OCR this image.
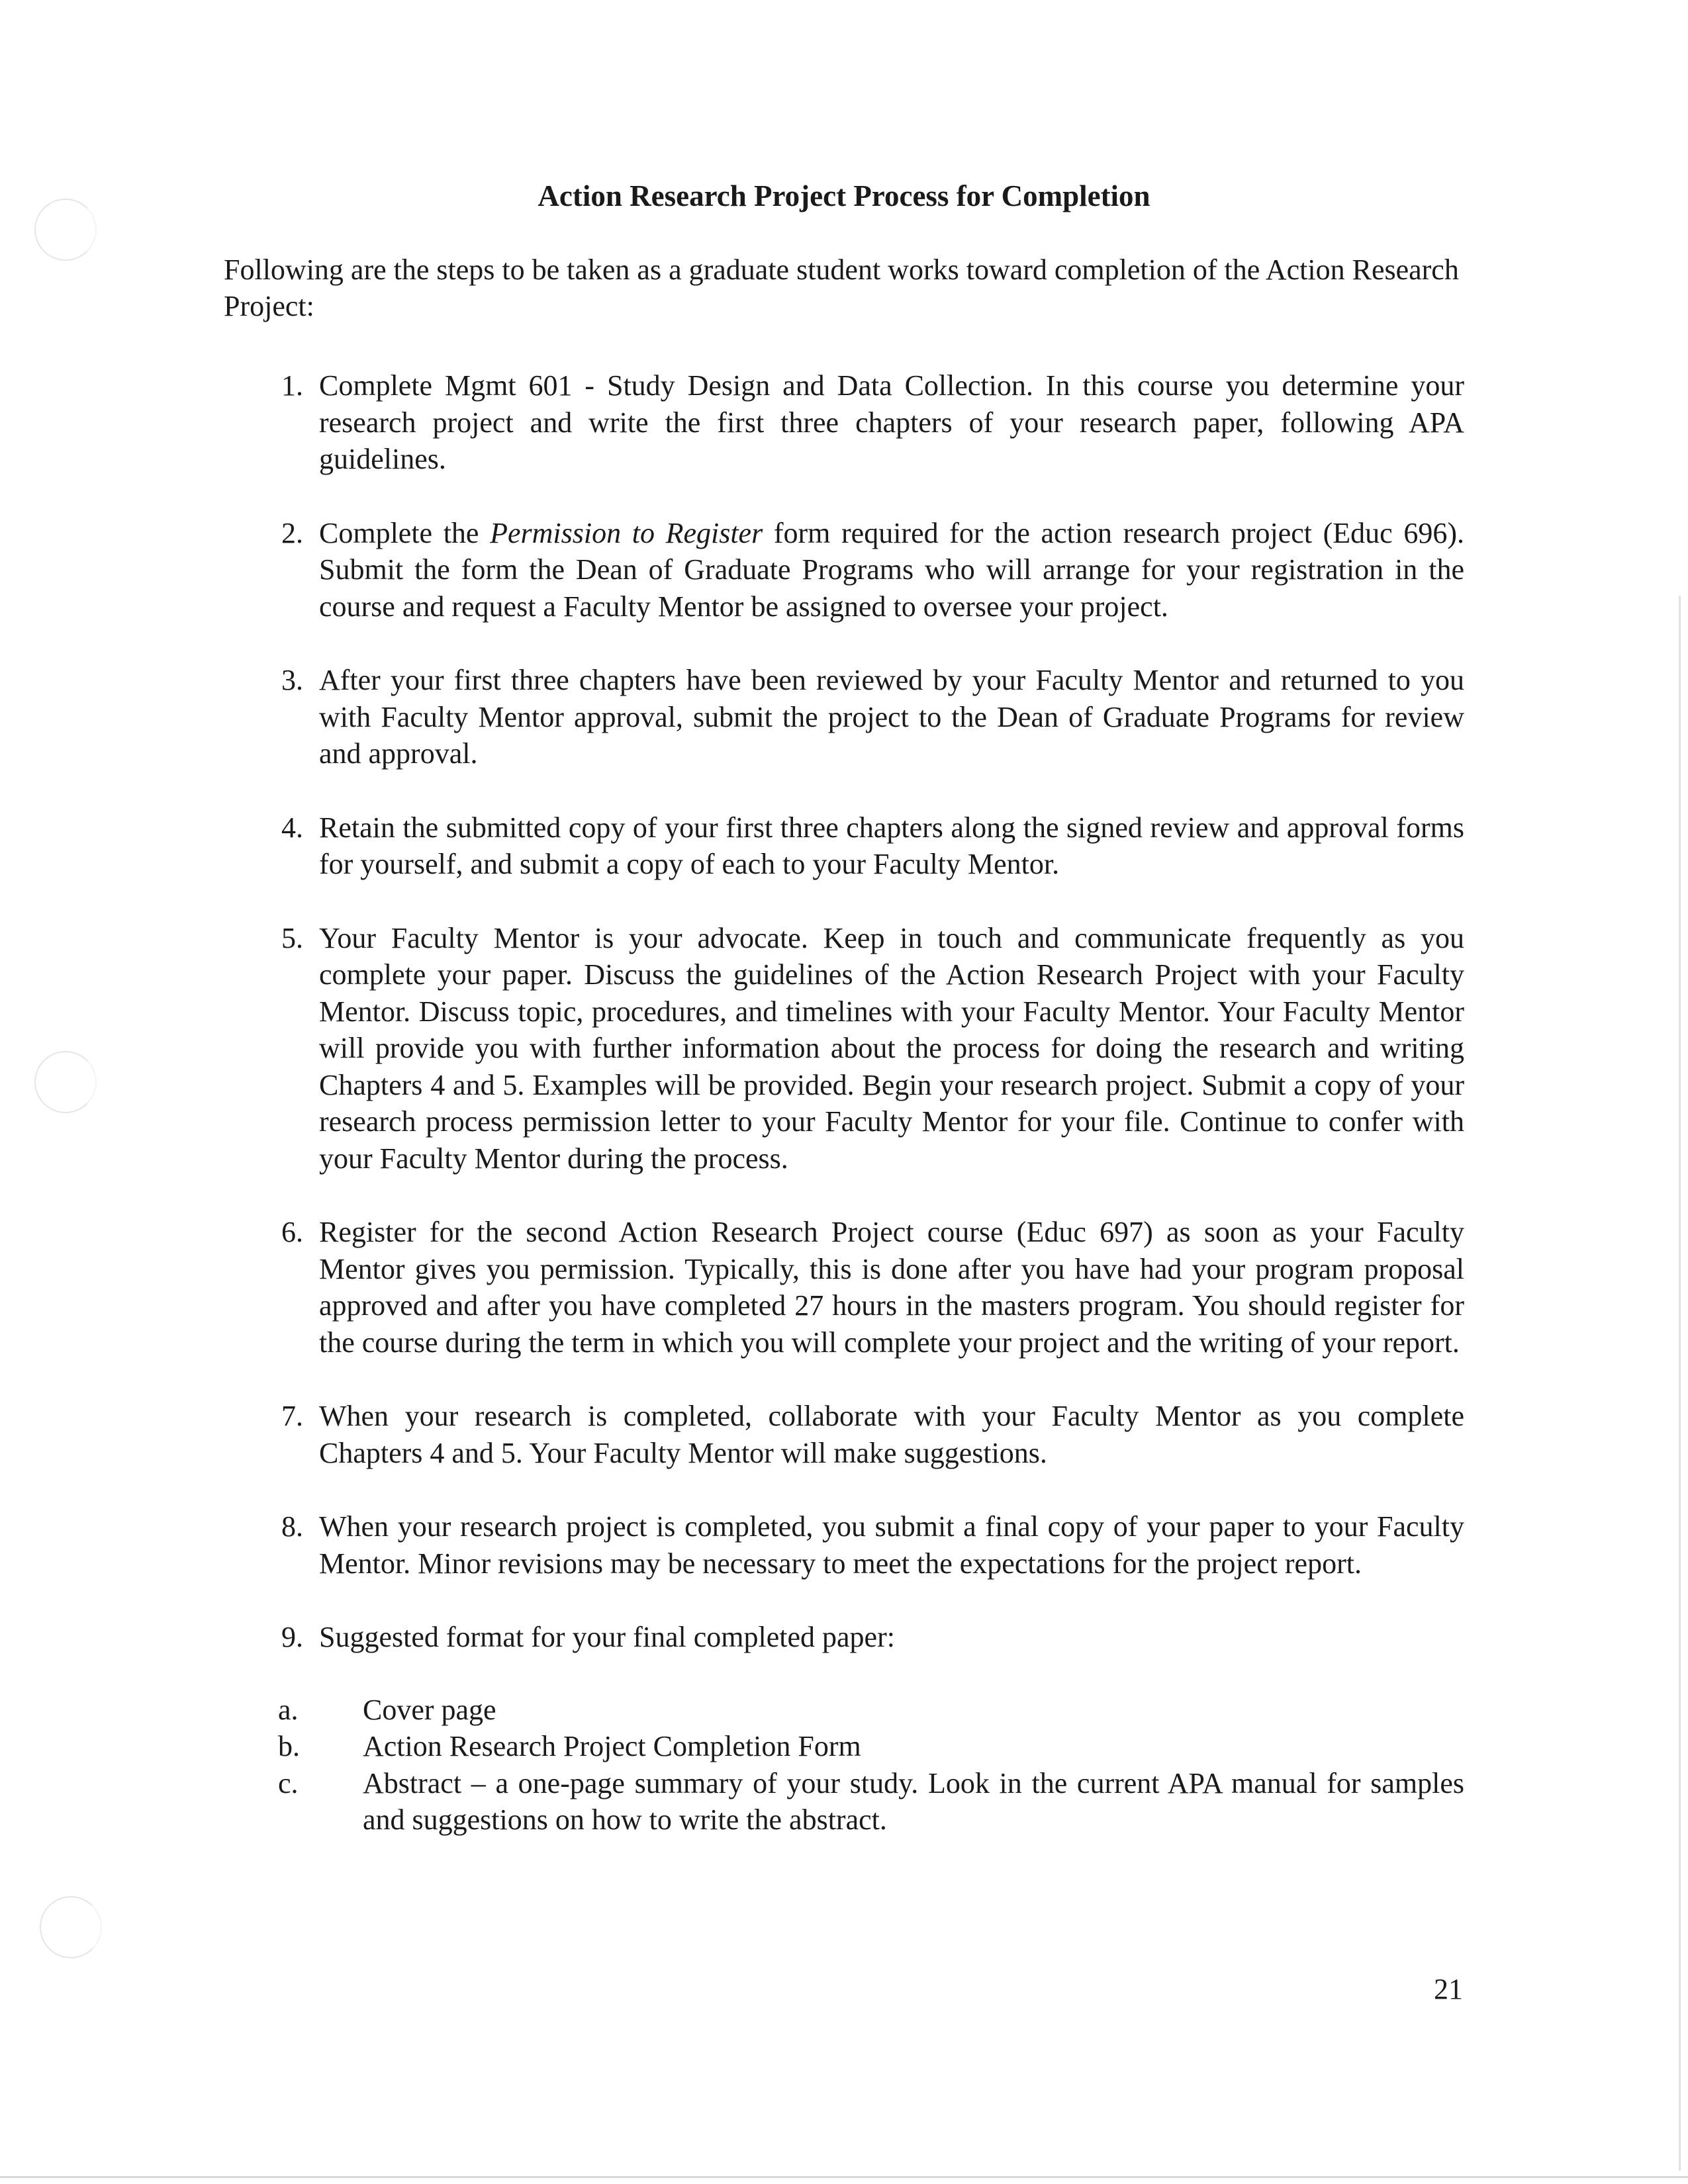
Action Research Project Process for Completion

Following are the steps to be taken as a graduate student works toward completion of the Action Research Project:

1. Complete Mgmt 601 - Study Design and Data Collection. In this course you determine your research project and write the first three chapters of your research paper, following APA guidelines.
2. Complete the Permission to Register form required for the action research project (Educ 696). Submit the form the Dean of Graduate Programs who will arrange for your registration in the course and request a Faculty Mentor be assigned to oversee your project.
3. After your first three chapters have been reviewed by your Faculty Mentor and returned to you with Faculty Mentor approval, submit the project to the Dean of Graduate Programs for review and approval.
4. Retain the submitted copy of your first three chapters along the signed review and approval forms for yourself, and submit a copy of each to your Faculty Mentor.
5. Your Faculty Mentor is your advocate. Keep in touch and communicate frequently as you complete your paper. Discuss the guidelines of the Action Research Project with your Faculty Mentor. Discuss topic, procedures, and timelines with your Faculty Mentor. Your Faculty Mentor will provide you with further information about the process for doing the research and writing Chapters 4 and 5. Examples will be provided. Begin your research project. Submit a copy of your research process permission letter to your Faculty Mentor for your file. Continue to confer with your Faculty Mentor during the process.
6. Register for the second Action Research Project course (Educ 697) as soon as your Faculty Mentor gives you permission. Typically, this is done after you have had your program proposal approved and after you have completed 27 hours in the masters program. You should register for the course during the term in which you will complete your project and the writing of your report.
7. When your research is completed, collaborate with your Faculty Mentor as you complete Chapters 4 and 5. Your Faculty Mentor will make suggestions.
8. When your research project is completed, you submit a final copy of your paper to your Faculty Mentor. Minor revisions may be necessary to meet the expectations for the project report.
9. Suggested format for your final completed paper:
a.	Cover page
b.	Action Research Project Completion Form
c.	Abstract – a one-page summary of your study. Look in the current APA manual for samples and suggestions on how to write the abstract.

21
